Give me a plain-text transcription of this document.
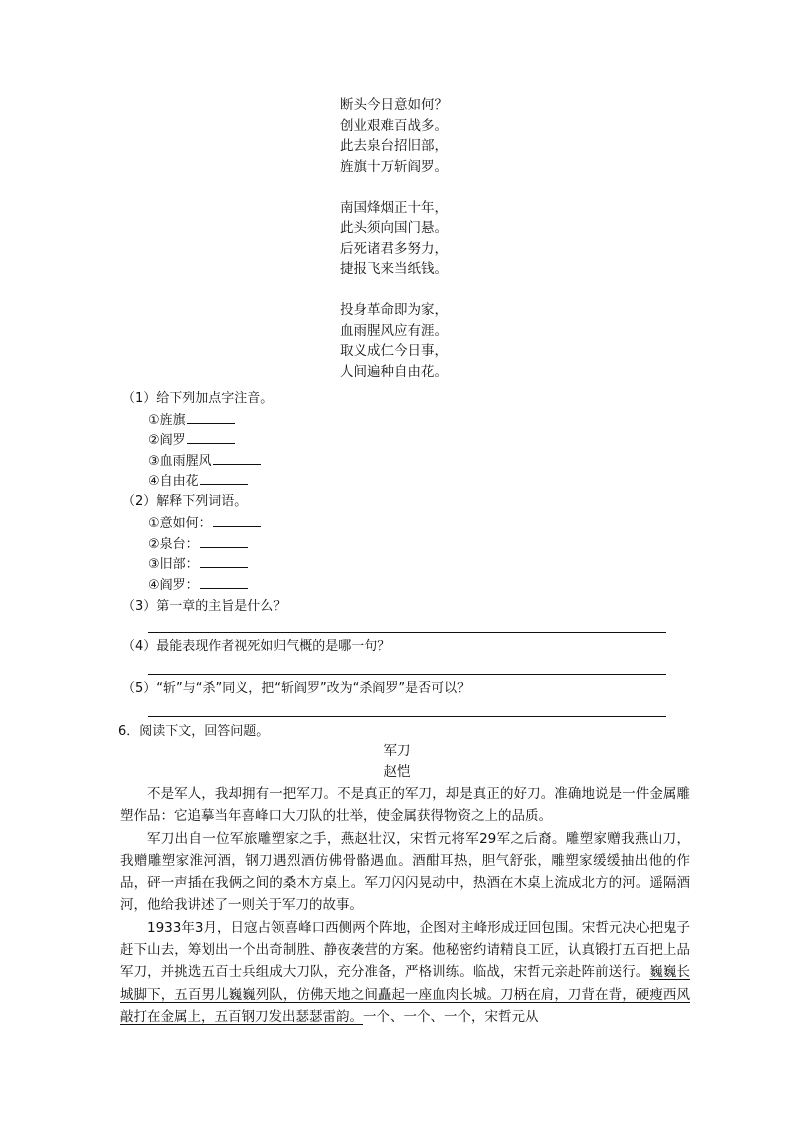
断头今日意如何？
创业艰难百战多。
此去泉台招旧部，
旌旗十万斩阎罗。
南国烽烟正十年，
此头须向国门悬。
后死诸君多努力，
捷报飞来当纸钱。
投身革命即为家，
血雨腥风应有涯。
取义成仁今日事，
人间遍种自由花。
（1）给下列加点字注音。
①旌旗
②阎罗
③血雨腥风
④自由花
（2）解释下列词语。
①意如何：
②泉台：
③旧部：
④阎罗：
（3）第一章的主旨是什么？
（4）最能表现作者视死如归气概的是哪一句？
（5）“斩”与“杀”同义，把“斩阎罗”改为“杀阎罗”是否可以？
6．阅读下文，回答问题。
军刀
赵恺

不是军人，我却拥有一把军刀。不是真正的军刀，却是真正的好刀。准确地说是一件金属雕塑作品：它追摹当年喜峰口大刀队的壮举，使金属获得物资之上的品质。

军刀出自一位军旅雕塑家之手，燕赵壮汉，宋哲元将军29军之后裔。雕塑家赠我燕山刀，我赠雕塑家淮河酒，钢刀遇烈酒仿佛骨骼遇血。酒酣耳热，胆气舒张，雕塑家缓缓抽出他的作品，砰一声插在我俩之间的桑木方桌上。军刀闪闪晃动中，热酒在木桌上流成北方的河。遥隔酒河，他给我讲述了一则关于军刀的故事。

1933年3月，日寇占领喜峰口西侧两个阵地，企图对主峰形成迂回包围。宋哲元决心把鬼子赶下山去，筹划出一个出奇制胜、静夜袭营的方案。他秘密约请精良工匠，认真锻打五百把上品军刀，并挑选五百士兵组成大刀队，充分准备，严格训练。临战，宋哲元亲赴阵前送行。巍巍长城脚下，五百男儿巍巍列队，仿佛天地之间矗起一座血肉长城。刀柄在肩，刀背在背，硬瘦西风敲打在金属上，五百钢刀发出瑟瑟雷韵。一个、一个、一个，宋哲元从
